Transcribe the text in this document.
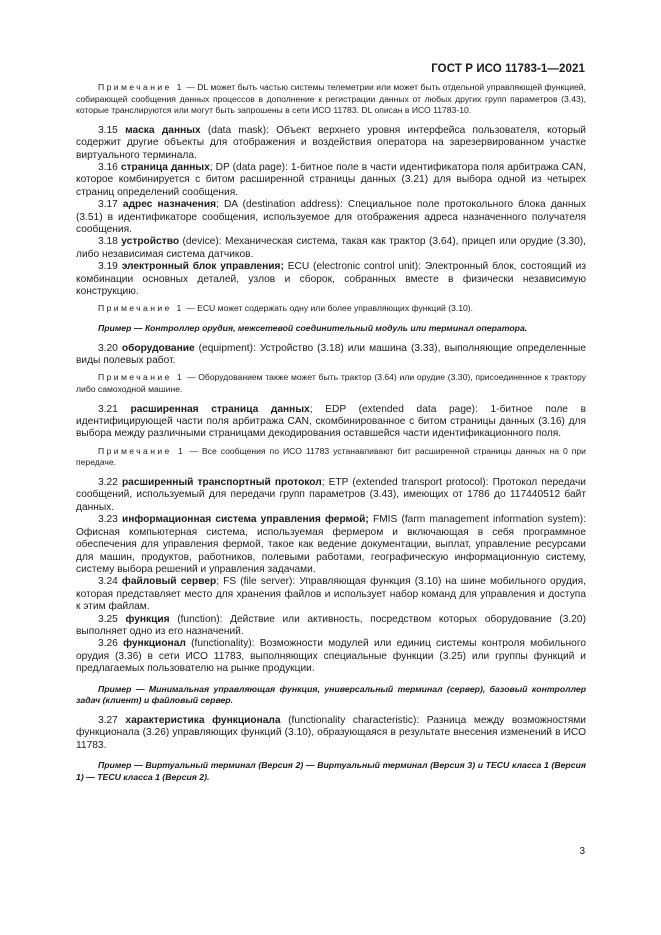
ГОСТ Р ИСО 11783-1—2021

Примечание 1 — DL может быть частью системы телеметрии или может быть отдельной управляющей функцией, собирающей сообщения данных процессов в дополнение к регистрации данных от любых других групп параметров (3.43), которые транслируются или могут быть запрошены в сети ИСО 11783. DL описан в ИСО 11783-10.

3.15 маска данных (data mask): Объект верхнего уровня интерфейса пользователя, который содержит другие объекты для отображения и воздействия оператора на зарезервированном участке виртуального терминала.

3.16 страница данных; DP (data page): 1-битное поле в части идентификатора поля арбитража CAN, которое комбинируется с битом расширенной страницы данных (3.21) для выбора одной из четырех страниц определений сообщения.

3.17 адрес назначения; DA (destination address): Специальное поле протокольного блока данных (3.51) в идентификаторе сообщения, используемое для отображения адреса назначенного получателя сообщения.

3.18 устройство (device): Механическая система, такая как трактор (3.64), прицеп или орудие (3.30), либо независимая система датчиков.

3.19 электронный блок управления; ECU (electronic control unit): Электронный блок, состоящий из комбинации основных деталей, узлов и сборок, собранных вместе в физически независимую конструкцию.

Примечание 1 — ECU может содержать одну или более управляющих функций (3.10).

Пример — Контроллер орудия, межсетевой соединительный модуль или терминал оператора.

3.20 оборудование (equipment): Устройство (3.18) или машина (3.33), выполняющие определенные виды полевых работ.

Примечание 1 — Оборудованием также может быть трактор (3.64) или орудие (3.30), присоединенное к трактору либо самоходной машине.

3.21 расширенная страница данных; EDP (extended data page): 1-битное поле в идентифицирующей части поля арбитража CAN, скомбинированное с битом страницы данных (3.16) для выбора между различными страницами декодирования оставшейся части идентификационного поля.

Примечание 1 — Все сообщения по ИСО 11783 устанавливают бит расширенной страницы данных на 0 при передаче.

3.22 расширенный транспортный протокол; ETP (extended transport protocol): Протокол передачи сообщений, используемый для передачи групп параметров (3.43), имеющих от 1786 до 117440512 байт данных.

3.23 информационная система управления фермой; FMIS (farm management information system): Офисная компьютерная система, используемая фермером и включающая в себя программное обеспечения для управления фермой, такое как ведение документации, выплат, управление ресурсами для машин, продуктов, работников, полевыми работами, географическую информационную систему, систему выбора решений и управления задачами.

3.24 файловый сервер; FS (file server): Управляющая функция (3.10) на шине мобильного орудия, которая представляет место для хранения файлов и использует набор команд для управления и доступа к этим файлам.

3.25 функция (function): Действие или активность, посредством которых оборудование (3.20) выполняет одно из его назначений.

3.26 функционал (functionality): Возможности модулей или единиц системы контроля мобильного орудия (3.36) в сети ИСО 11783, выполняющих специальные функции (3.25) или группы функций и предлагаемых пользователю на рынке продукции.

Пример — Минимальная управляющая функция, универсальный терминал (сервер), базовый контроллер задач (клиент) и файловый сервер.

3.27 характеристика функционала (functionality characteristic): Разница между возможностями функционала (3.26) управляющих функций (3.10), образующаяся в результате внесения изменений в ИСО 11783.

Пример — Виртуальный терминал (Версия 2) — Виртуальный терминал (Версия 3) и TECU класса 1 (Версия 1) — TECU класса 1 (Версия 2).

3
